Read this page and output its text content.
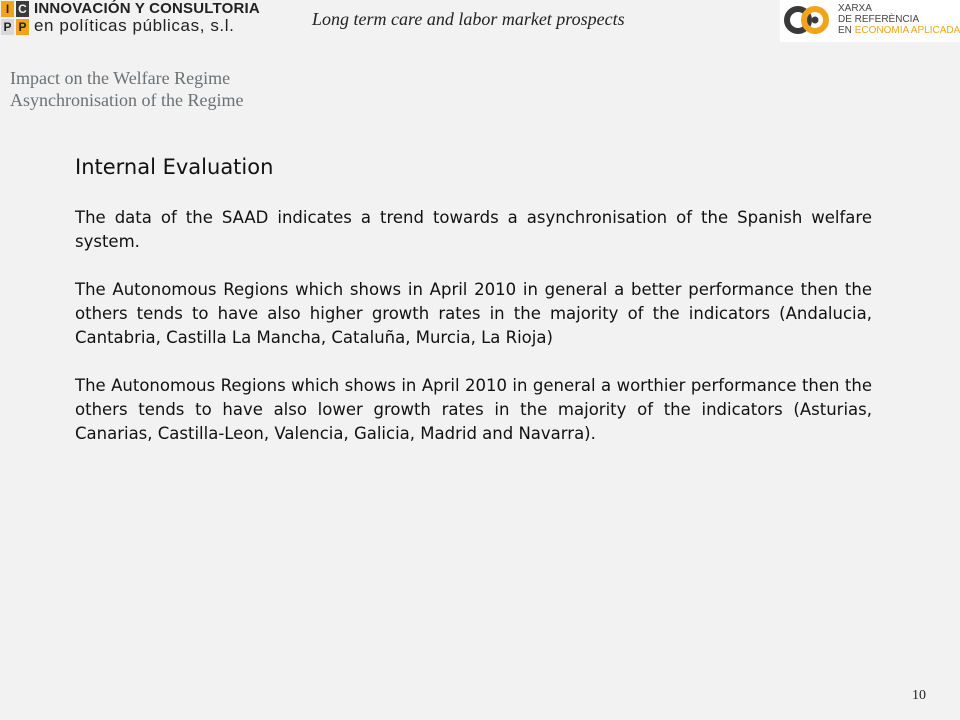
I C
P P
INNOVACIÓN Y CONSULTORIA
en políticas públicas, s.l.	Long term care and labor market prospects
XARXA
DE REFERÈNCIA
EN ECONOMIA APLICADA
Impact on the Welfare Regime
Asynchronisation of the Regime
Internal Evaluation

The data of the SAAD indicates a trend towards a asynchronisation of the Spanish welfare system.

The Autonomous Regions which shows in April 2010 in general a better performance then the others tends to have also higher growth rates in the majority of the indicators (Andalucia, Cantabria, Castilla La Mancha, Cataluña, Murcia, La Rioja)

The Autonomous Regions which shows in April 2010 in general a worthier performance then the others tends to have also lower growth rates in the majority of the indicators (Asturias, Canarias, Castilla-Leon, Valencia, Galicia, Madrid and Navarra).

10
